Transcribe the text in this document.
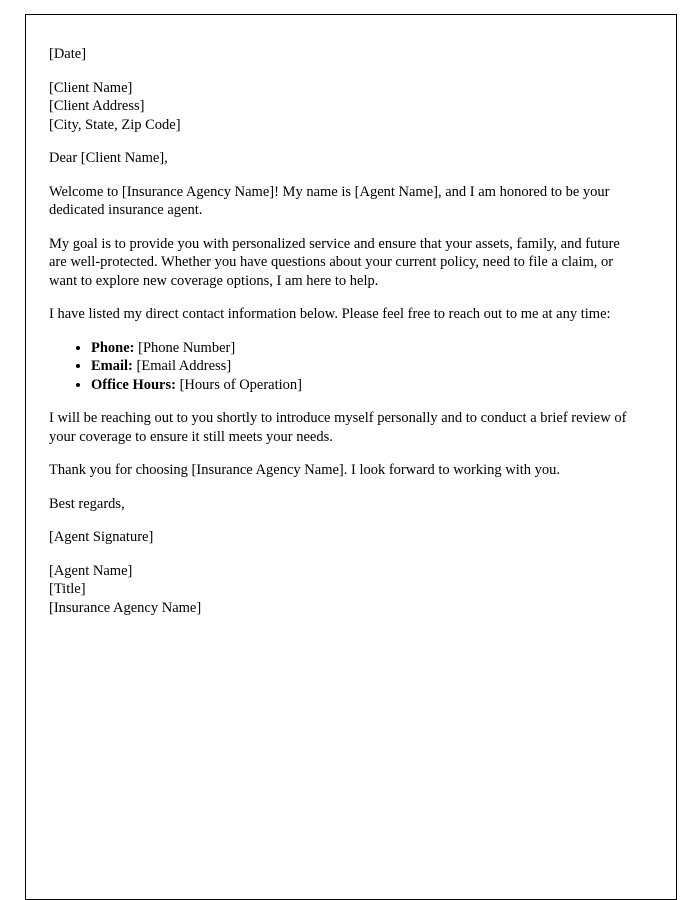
[Date]

[Client Name]

[Client Address]

[City, State, Zip Code]

Dear [Client Name],

Welcome to [Insurance Agency Name]! My name is [Agent Name], and I am honored to be your dedicated insurance agent.

My goal is to provide you with personalized service and ensure that your assets, family, and future are well-protected. Whether you have questions about your current policy, need to file a claim, or want to explore new coverage options, I am here to help.

I have listed my direct contact information below. Please feel free to reach out to me at any time:

• Phone: [Phone Number]
• Email: [Email Address]
• Office Hours: [Hours of Operation]

I will be reaching out to you shortly to introduce myself personally and to conduct a brief review of your coverage to ensure it still meets your needs.

Thank you for choosing [Insurance Agency Name]. I look forward to working with you.

Best regards,

[Agent Signature]

[Agent Name]

[Title]

[Insurance Agency Name]
